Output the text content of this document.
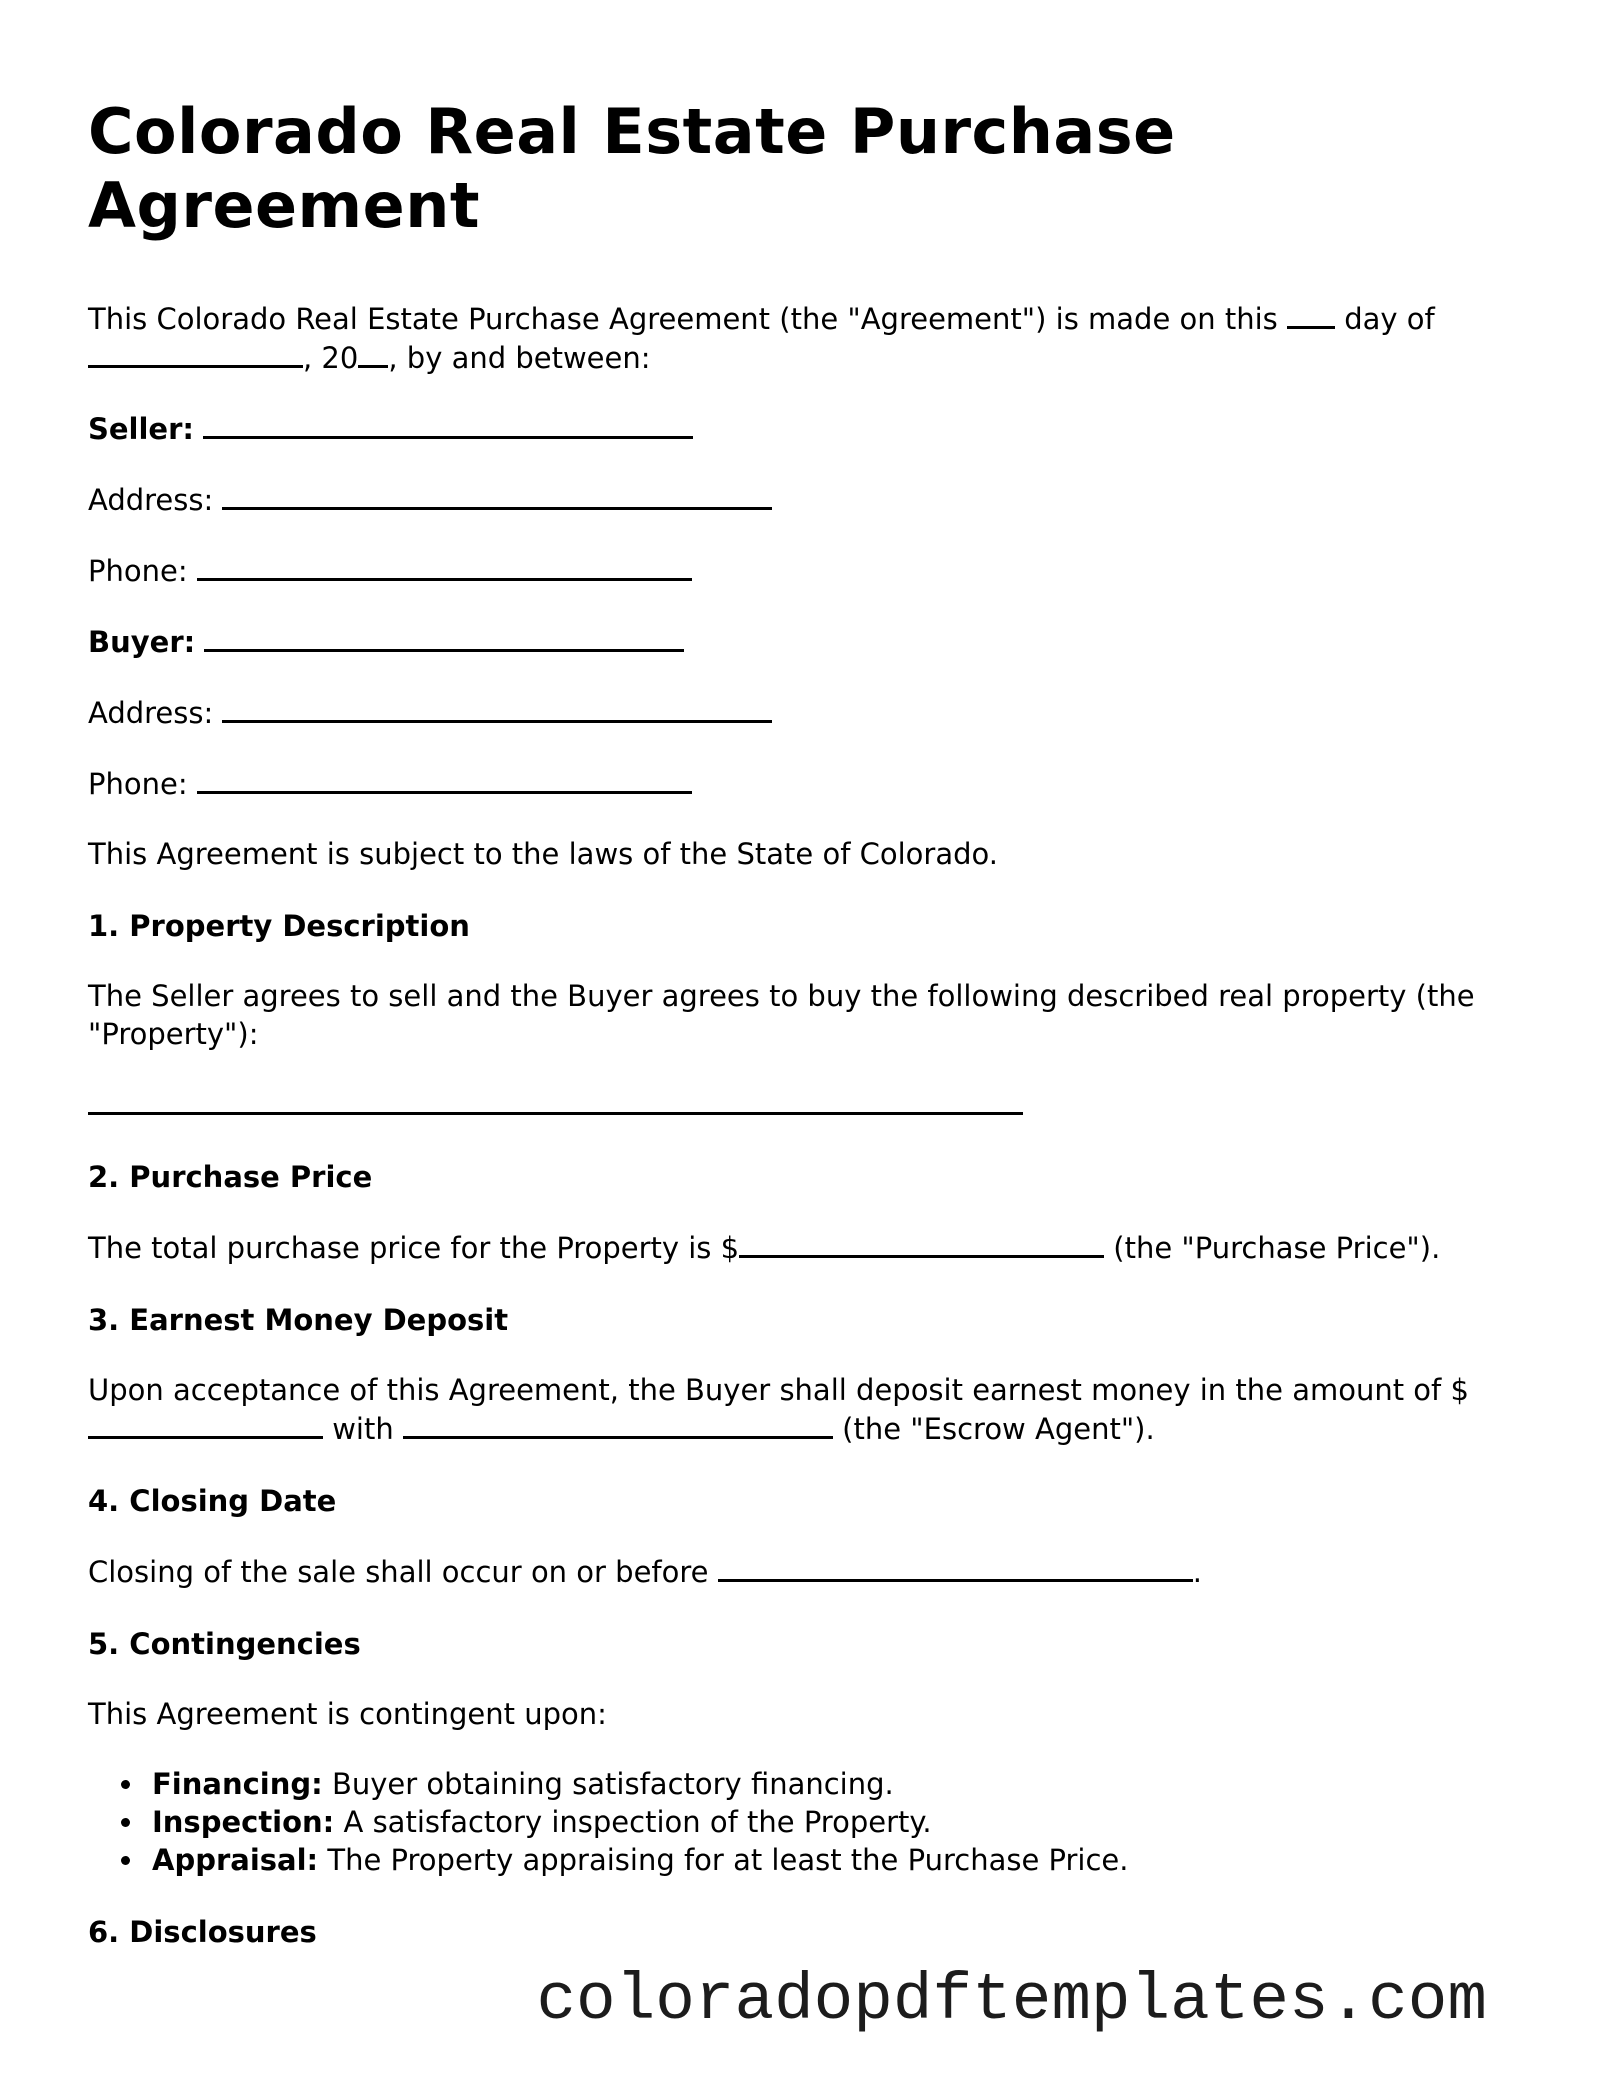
Colorado Real Estate Purchase Agreement

This Colorado Real Estate Purchase Agreement (the "Agreement") is made on this  day of , 20 , by and between:

Seller:

Address:

Phone:

Buyer:

Address:

Phone:

This Agreement is subject to the laws of the State of Colorado.

1. Property Description

The Seller agrees to sell and the Buyer agrees to buy the following described real property (the "Property"):

2. Purchase Price

The total purchase price for the Property is $	(the "Purchase Price").

3. Earnest Money Deposit

Upon acceptance of this Agreement, the Buyer shall deposit earnest money in the amount of $ with	(the "Escrow Agent").

4. Closing Date

Closing of the sale shall occur on or before	.

5. Contingencies

This Agreement is contingent upon:

• Financing: Buyer obtaining satisfactory financing.
• Inspection: A satisfactory inspection of the Property.
• Appraisal: The Property appraising for at least the Purchase Price.
6. Disclosures
coloradopdftemplates.com
